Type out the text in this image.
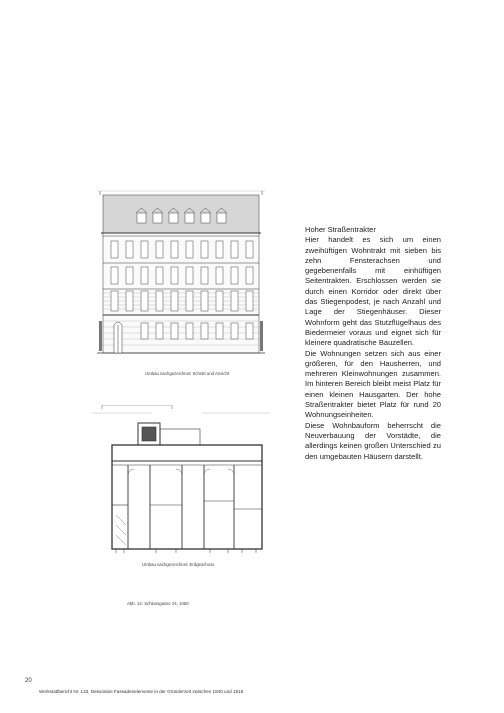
Umbau nachgezeichnet: Schnitt und Ansicht
Umbau nachgezeichnet: Erdgeschoss
Abb. 14: Schlossgasse 24, 1050

Hoher Straßentrakter

Hier handelt es sich um einen zweihüftigen Wohntrakt mit sieben bis zehn Fensterachsen und gegebenenfalls mit einhüftigen Seitentrakten. Erschlossen werden sie durch einen Korridor oder direkt über das Stiegenpodest, je nach Anzahl und Lage der Stiegenhäuser. Dieser Wohnform geht das Stutzflügelhaus des Biedermeier voraus und eignet sich für kleinere quadratische Bauzellen.

Die Wohnungen setzen sich aus einer größeren, für den Hausherren, und mehreren Kleinwohnungen zusammen. Im hinteren Bereich bleibt meist Platz für einen kleinen Hausgarten. Der hohe Straßentrakter bietet Platz für rund 20 Wohnungseinheiten.

Diese Wohnbauform beherrscht die Neuverbauung der Vorstädte, die allerdings keinen großen Unterschied zu den umgebauten Häusern darstellt.

20
Werkstattbericht Nr. 133, Dekorative Fassadenelemente in der Gründerzeit zwischen 1840 und 1918
